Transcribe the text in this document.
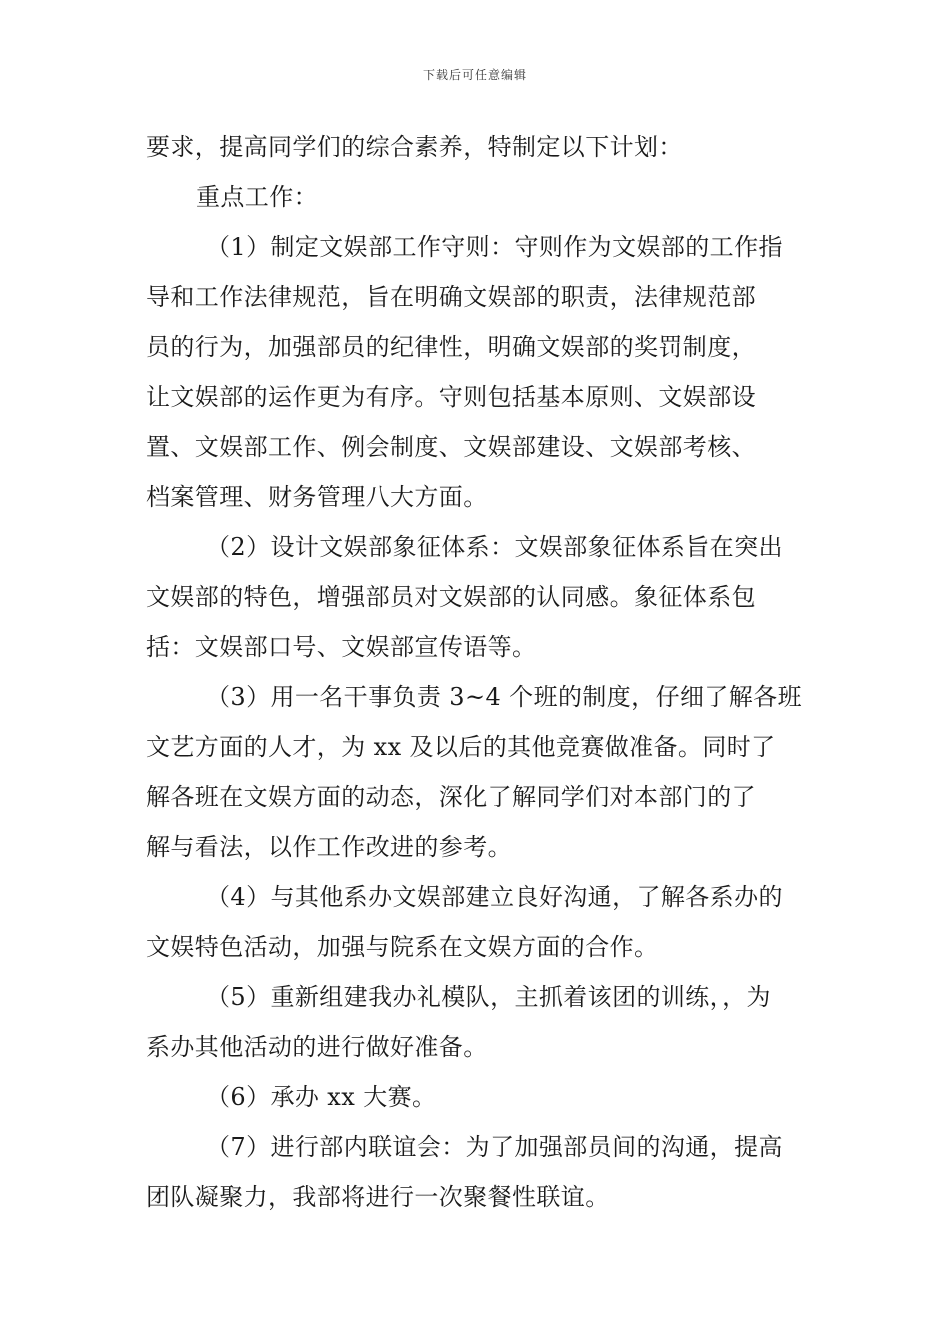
下载后可任意编辑
要求，提高同学们的综合素养，特制定以下计划：
重点工作：
（1）制定文娱部工作守则：守则作为文娱部的工作指
导和工作法律规范，旨在明确文娱部的职责，法律规范部
员的行为，加强部员的纪律性，明确文娱部的奖罚制度，
让文娱部的运作更为有序。守则包括基本原则、文娱部设
置、文娱部工作、例会制度、文娱部建设、文娱部考核、
档案管理、财务管理八大方面。
（2）设计文娱部象征体系：文娱部象征体系旨在突出
文娱部的特色，增强部员对文娱部的认同感。象征体系包
括：文娱部口号、文娱部宣传语等。
（3）用一名干事负责 3~4 个班的制度，仔细了解各班
文艺方面的人才，为 xx 及以后的其他竞赛做准备。同时了
解各班在文娱方面的动态，深化了解同学们对本部门的了
解与看法，以作工作改进的参考。
（4）与其他系办文娱部建立良好沟通，了解各系办的
文娱特色活动，加强与院系在文娱方面的合作。
（5）重新组建我办礼模队，主抓着该团的训练，，为
系办其他活动的进行做好准备。
（6）承办 xx 大赛。
（7）进行部内联谊会：为了加强部员间的沟通，提高
团队凝聚力，我部将进行一次聚餐性联谊。
